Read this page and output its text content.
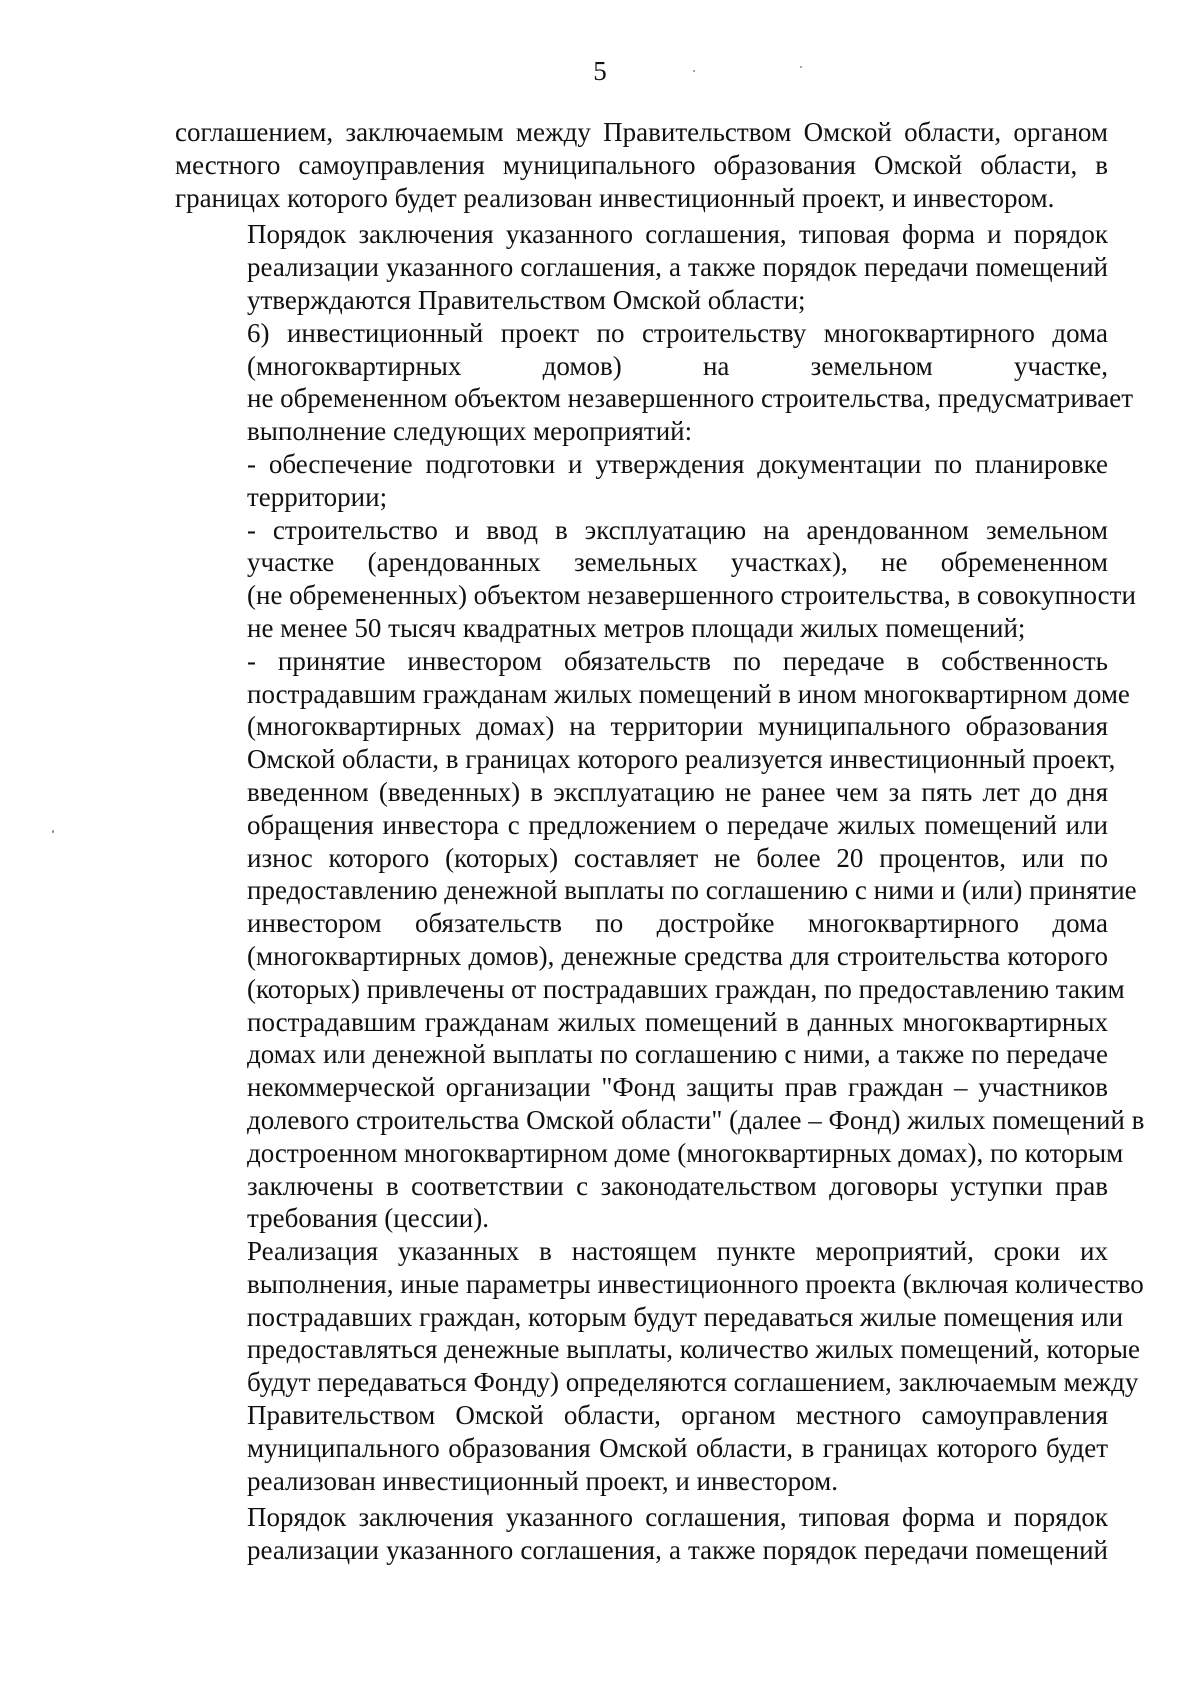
5

соглашением, заключаемым между Правительством Омской области, органом
местного самоуправления муниципального образования Омской области, в
границах которого будет реализован инвестиционный проект, и инвестором.

Порядок заключения указанного соглашения, типовая форма и порядок
реализации указанного соглашения, а также порядок передачи помещений
утверждаются Правительством Омской области;

6) инвестиционный проект по строительству многоквартирного дома
(многоквартирных домов) на земельном участке,
не обремененном объектом незавершенного строительства, предусматривает
выполнение следующих мероприятий:

- обеспечение подготовки и утверждения документации по планировке
территории;

- строительство и ввод в эксплуатацию на арендованном земельном
участке (арендованных земельных участках), не обремененном
(не обремененных) объектом незавершенного строительства, в совокупности
не менее 50 тысяч квадратных метров площади жилых помещений;

- принятие инвестором обязательств по передаче в собственность
пострадавшим гражданам жилых помещений в ином многоквартирном доме
(многоквартирных домах) на территории муниципального образования
Омской области, в границах которого реализуется инвестиционный проект,
введенном (введенных) в эксплуатацию не ранее чем за пять лет до дня
обращения инвестора с предложением о передаче жилых помещений или
износ которого (которых) составляет не более 20 процентов, или по
предоставлению денежной выплаты по соглашению с ними и (или) принятие
инвестором обязательств по достройке многоквартирного дома
(многоквартирных домов), денежные средства для строительства которого
(которых) привлечены от пострадавших граждан, по предоставлению таким
пострадавшим гражданам жилых помещений в данных многоквартирных
домах или денежной выплаты по соглашению с ними, а также по передаче
некоммерческой организации "Фонд защиты прав граждан – участников
долевого строительства Омской области" (далее – Фонд) жилых помещений в
достроенном многоквартирном доме (многоквартирных домах), по которым
заключены в соответствии с законодательством договоры уступки прав
требования (цессии).

Реализация указанных в настоящем пункте мероприятий, сроки их
выполнения, иные параметры инвестиционного проекта (включая количество
пострадавших граждан, которым будут передаваться жилые помещения или
предоставляться денежные выплаты, количество жилых помещений, которые
будут передаваться Фонду) определяются соглашением, заключаемым между
Правительством Омской области, органом местного самоуправления
муниципального образования Омской области, в границах которого будет
реализован инвестиционный проект, и инвестором.

Порядок заключения указанного соглашения, типовая форма и порядок
реализации указанного соглашения, а также порядок передачи помещений
